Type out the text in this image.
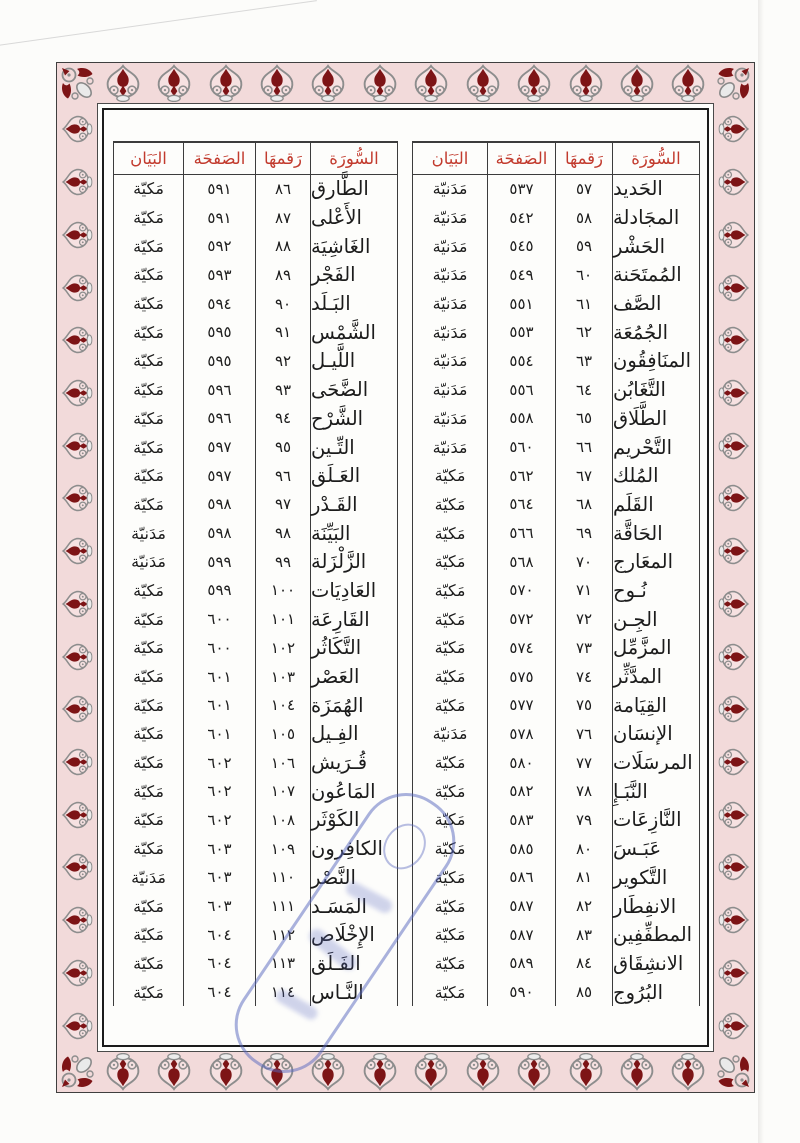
البَيَان	الصَفحَة	رَقمهَا	السُّورَة
مَدَنيّة	٥٣٧	٥٧	الحَديد
مَدَنيّة	٥٤٢	٥٨	المجَادلة
مَدَنيّة	٥٤٥	٥٩	الحَشْر
مَدَنيّة	٥٤٩	٦٠	المُمتَحَنة
مَدَنيّة	٥٥١	٦١	الصَّف
مَدَنيّة	٥٥٣	٦٢	الجُمُعَة
مَدَنيّة	٥٥٤	٦٣	المنَافِقُون
مَدَنيّة	٥٥٦	٦٤	التَّغَابُن
مَدَنيّة	٥٥٨	٦٥	الطَّلَاق
مَدَنيّة	٥٦٠	٦٦	التَّحْريم
مَكيّة	٥٦٢	٦٧	المُلك
مَكيّة	٥٦٤	٦٨	القَلَم
مَكيّة	٥٦٦	٦٩	الحَاقَّة
مَكيّة	٥٦٨	٧٠	المعَارج
مَكيّة	٥٧٠	٧١	نُـوح
مَكيّة	٥٧٢	٧٢	الجِـن
مَكيّة	٥٧٤	٧٣	المزَّمِّل
مَكيّة	٥٧٥	٧٤	المدَّثِّر
مَكيّة	٥٧٧	٧٥	القِيَامة
مَدَنيّة	٥٧٨	٧٦	الإنسَان
مَكيّة	٥٨٠	٧٧	المرسَلَات
مَكيّة	٥٨٢	٧٨	النَّبَـإِ
مَكيّة	٥٨٣	٧٩	النَّازِعَات
مَكيّة	٥٨٥	٨٠	عَبَـسَ
مَكيّة	٥٨٦	٨١	التَّكوير
مَكيّة	٥٨٧	٨٢	الانفِطَار
مَكيّة	٥٨٧	٨٣	المطفِّفِين
مَكيّة	٥٨٩	٨٤	الانشِقَاق
مَكيّة	٥٩٠	٨٥	البُرُوج
البَيَان	الصَفحَة	رَقمهَا	السُّورَة
مَكيّة	٥٩١	٨٦	الطَّارق
مَكيّة	٥٩١	٨٧	الأَعْلى
مَكيّة	٥٩٢	٨٨	الغَاشِيَة
مَكيّة	٥٩٣	٨٩	الفَجْر
مَكيّة	٥٩٤	٩٠	البَـلَد
مَكيّة	٥٩٥	٩١	الشَّمْس
مَكيّة	٥٩٥	٩٢	اللَّيـل
مَكيّة	٥٩٦	٩٣	الضَّحَى
مَكيّة	٥٩٦	٩٤	الشَّرْح
مَكيّة	٥٩٧	٩٥	التِّـين
مَكيّة	٥٩٧	٩٦	العَـلَق
مَكيّة	٥٩٨	٩٧	القَـدْر
مَدَنيّة	٥٩٨	٩٨	البَيِّنَة
مَدَنيّة	٥٩٩	٩٩	الزَّلْزَلة
مَكيّة	٥٩٩	١٠٠ العَادِيَات
مَكيّة	٦٠٠	١٠١ القَارِعَة
مَكيّة	٦٠٠	١٠٢ التَّكَاثُر
مَكيّة	٦٠١	١٠٣ العَصْر
مَكيّة	٦٠١	١٠٤ الهُمَزَة
مَكيّة	٦٠١	١٠٥ الفِـيل
مَكيّة	٦٠٢	١٠٦ قُـرَيش
مَكيّة	٦٠٢	١٠٧ المَاعُون
مَكيّة	٦٠٢	١٠٨ الكَوْثَر
مَكيّة	٦٠٣	١٠٩ الكافِرون
مَدَنيّة	٦٠٣	١١٠ النَّصْر
مَكيّة	٦٠٣	١١١ المَسَـد
مَكيّة	٦٠٤	١١٢ الإِخْلَاص
مَكيّة	٦٠٤	١١٣ الفَـلَق
مَكيّة	٦٠٤	١١٤ النَّـاس
